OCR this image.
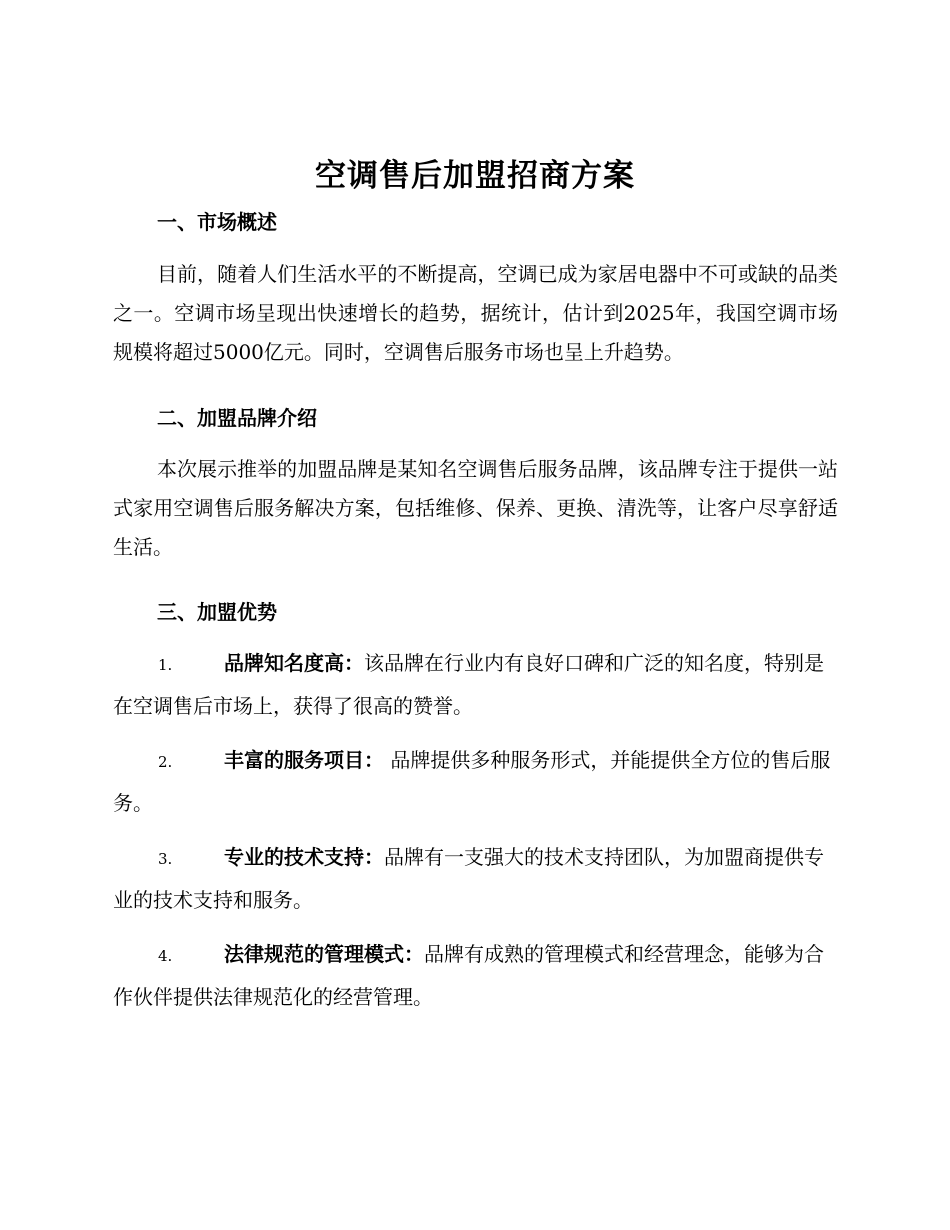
空调售后加盟招商方案
一、市场概述

目前，随着人们生活水平的不断提高，空调已成为家居电器中不可或缺的品类之一。空调市场呈现出快速增长的趋势，据统计，估计到2025年，我国空调市场规模将超过5000亿元。同时，空调售后服务市场也呈上升趋势。

二、加盟品牌介绍

本次展示推举的加盟品牌是某知名空调售后服务品牌，该品牌专注于提供一站式家用空调售后服务解决方案，包括维修、保养、更换、清洗等，让客户尽享舒适生活。

三、加盟优势

1.	品牌知名度高：该品牌在行业内有良好口碑和广泛的知名度，特别是在空调售后市场上，获得了很高的赞誉。

2.	丰富的服务项目： 品牌提供多种服务形式，并能提供全方位的售后服务。

3.	专业的技术支持：品牌有一支强大的技术支持团队，为加盟商提供专业的技术支持和服务。

4.	法律规范的管理模式：品牌有成熟的管理模式和经营理念，能够为合作伙伴提供法律规范化的经营管理。
